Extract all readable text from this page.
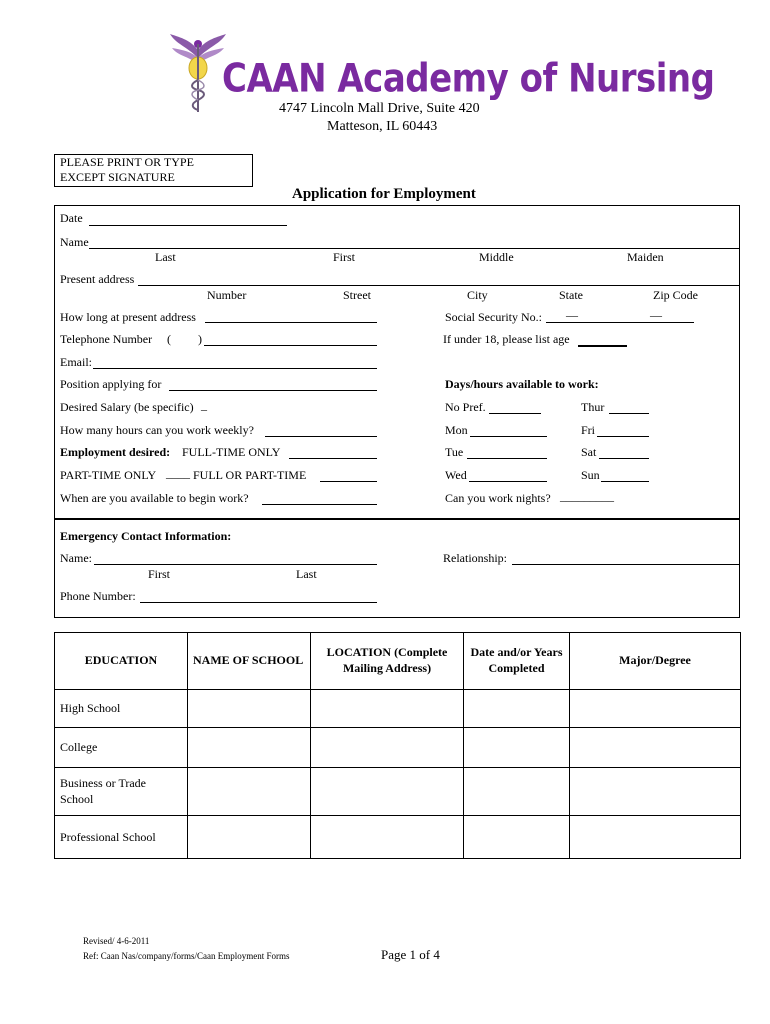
CAAN Academy of Nursing
4747 Lincoln Mall Drive, Suite 420
Matteson, IL 60443
PLEASE PRINT OR TYPE
EXCEPT SIGNATURE
Application for Employment
Date
Name
Last	First	Middle	Maiden
Present address
Number	Street	City	State	Zip Code
How long at present address	Social Security No.: —	—
Telephone Number ( )	If under 18, please list age
Email:
Position applying for	Days/hours available to work:
Desired Salary (be specific) _	No Pref.	Thur
How many hours can you work weekly?	Mon	Fri
Employment desired: FULL-TIME ONLY	Tue	Sat
PART-TIME ONLY ____ FULL OR PART-TIME	Wed	Sun
When are you available to begin work?	Can you work nights? _________
Emergency Contact Information:
Name:	Relationship:
First	Last
Phone Number:
EDUCATION	NAME OF SCHOOL	LOCATION (Complete Mailing Address)	Date and/or Years Completed	Major/Degree
High School				
College				
Business or Trade School				
Professional School				
Revised/ 4-6-2011
Ref: Caan Nas/company/forms/Caan Employment Forms	Page 1 of 4
